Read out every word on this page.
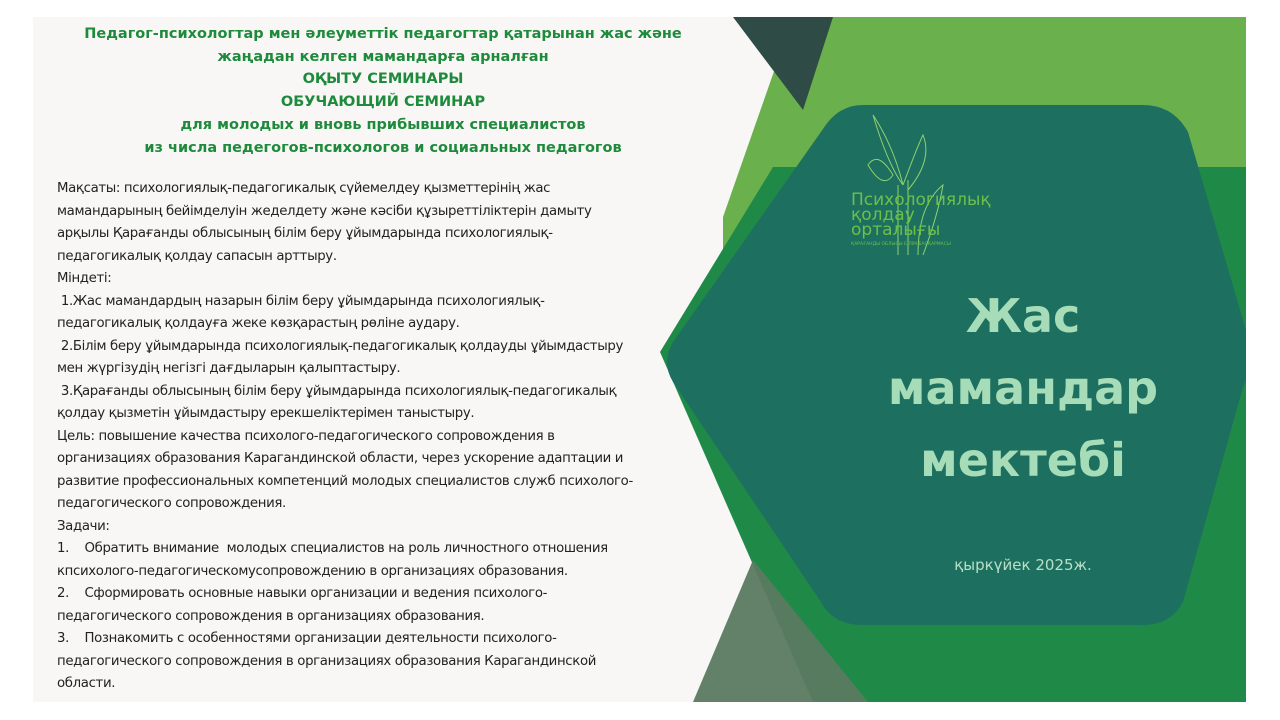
Педагог-психологтар мен әлеуметтік педагогтар қатарынан жас және
жаңадан келген мамандарға арналған
ОҚЫТУ СЕМИНАРЫ
ОБУЧАЮЩИЙ СЕМИНАР
для молодых и вновь прибывших специалистов
из числа педегогов-психологов и социальных педагогов
Мақсаты: психологиялық-педагогикалық сүйемелдеу қызметтерінің жас
мамандарының бейімделуін жеделдету және кәсіби құзыреттіліктерін дамыту
арқылы Қарағанды облысының білім беру ұйымдарында психологиялық-
педагогикалық қолдау сапасын арттыру.
Міндеті:
1.Жас мамандардың назарын білім беру ұйымдарында психологиялық-
педагогикалық қолдауға жеке көзқарастың рөліне аудару.
2.Білім беру ұйымдарында психологиялық-педагогикалық қолдауды ұйымдастыру
мен жүргізудің негізгі дағдыларын қалыптастыру.
3.Қарағанды облысының білім беру ұйымдарында психологиялық-педагогикалық
қолдау қызметін ұйымдастыру ерекшеліктерімен таныстыру.
Цель: повышение качества психолого-педагогического сопровождения в
организациях образования Карагандинской области, через ускорение адаптации и
развитие профессиональных компетенций молодых специалистов служб психолого-
педагогического сопровождения.
Задачи:
1.    Обратить внимание  молодых специалистов на роль личностного отношения
кпсихолого-педагогическомусопровождению в организациях образования.
2.    Сформировать основные навыки организации и ведения психолого-
педагогического сопровождения в организациях образования.
3.    Познакомить с особенностями организации деятельности психолого-
педагогического сопровождения в организациях образования Карагандинской
области.
Психологиялық
қолдау
орталығы
ҚАРАҒАНДЫ ОБЛЫСЫ БІЛІМ БАСҚАРМАСЫ
Жас
мамандар
мектебі
қыркүйек 2025ж.
